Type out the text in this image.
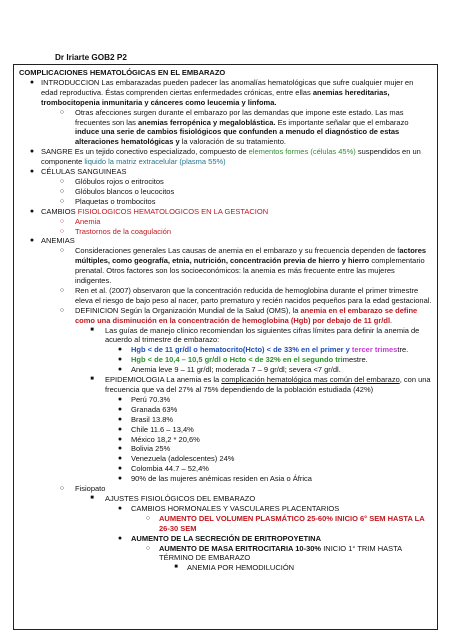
Dr Iriarte GOB2 P2
COMPLICACIONES HEMATOLÓGICAS EN EL EMBARAZO
● INTRODUCCION Las embarazadas pueden padecer las anomalías hematológicas que sufre cualquier mujer en edad reproductiva. Éstas comprenden ciertas enfermedades crónicas, entre ellas anemias hereditarias, trombocitopenia inmunitaria y cánceres como leucemia y linfoma.
○	Otras afecciones surgen durante el embarazo por las demandas que impone este estado. Las mas frecuentes son las anemias ferropénica y megaloblástica. Es importante señalar que el embarazo induce una serie de cambios fisiológicos que confunden a menudo el diagnóstico de estas alteraciones hematológicas y la valoración de su tratamiento.
● SANGRE Es un tejido conectivo especializado, compuesto de elementos formes (células 45%) suspendidos en un componente liquido la matriz extracelular (plasma 55%)
● CÉLULAS SANGUINEAS
○	Glóbulos rojos o eritrocitos
○	Glóbulos blancos o leucocitos
○	Plaquetas o trombocitos
● CAMBIOS FISIOLOGICOS HEMATOLOGICOS EN LA GESTACION
○	Anemia
○	Trastornos de la coagulación
● ANEMIAS
○	Consideraciones generales Las causas de anemia en el embarazo y su frecuencia dependen de factores múltiples, como geografía, etnia, nutrición, concentración previa de hierro y hierro complementario prenatal. Otros factores son los socioeconómicos: la anemia es más frecuente entre las mujeres indigentes.
○	Ren et al. (2007) observaron que la concentración reducida de hemoglobina durante el primer trimestre eleva el riesgo de bajo peso al nacer, parto prematuro y recién nacidos pequeños para la edad gestacional.
○	DEFINICION Según la Organización Mundial de la Salud (OMS), la anemia en el embarazo se define como una disminución en la concentración de hemoglobina (Hgb) por debajo de 11 gr/dl.
■	Las guías de manejo clínico recomiendan los siguientes cifras límites para definir la anemia de acuerdo al trimestre de embarazo:
●	Hgb < de 11 gr/dl o hematocrito(Hcto) < de 33% en el primer y tercer trimestre.
●	Hgb < de 10,4 – 10,5 gr/dl o Hcto < de 32% en el segundo trimestre.
●	Anemia leve 9 – 11 gr/dl; moderada 7 – 9 gr/dl; severa <7 gr/dl.
■	EPIDEMIOLOGIA La anemia es la complicación hematológica mas común del embarazo, con una frecuencia que va del 27% al 75% dependiendo de la población estudiada (42%)
●	Perú 70.3%
●	Granada 63%
●	Brasil 13.8%
●	Chile 11.6 – 13,4%
●	México 18,2 * 20,6%
●	Bolivia 25%
●	Venezuela (adolescentes) 24%
●	Colombia 44.7 – 52,4%
●	90% de las mujeres anémicas residen en Asia o África
○	Fisiopato
■	AJUSTES FISIOLÓGICOS DEL EMBARAZO
●	CAMBIOS HORMONALES Y VASCULARES PLACENTARIOS
○	AUMENTO DEL VOLUMEN PLASMÁTICO 25-60% INICIO 6° SEM HASTA LA 26-30 SEM
●	AUMENTO DE LA SECRECIÓN DE ERITROPOYETINA
○	AUMENTO DE MASA ERITROCITARIA 10-30% INICIO 1° TRIM HASTA TÉRMINO DE EMBARAZO
■	ANEMIA POR HEMODILUCIÓN
